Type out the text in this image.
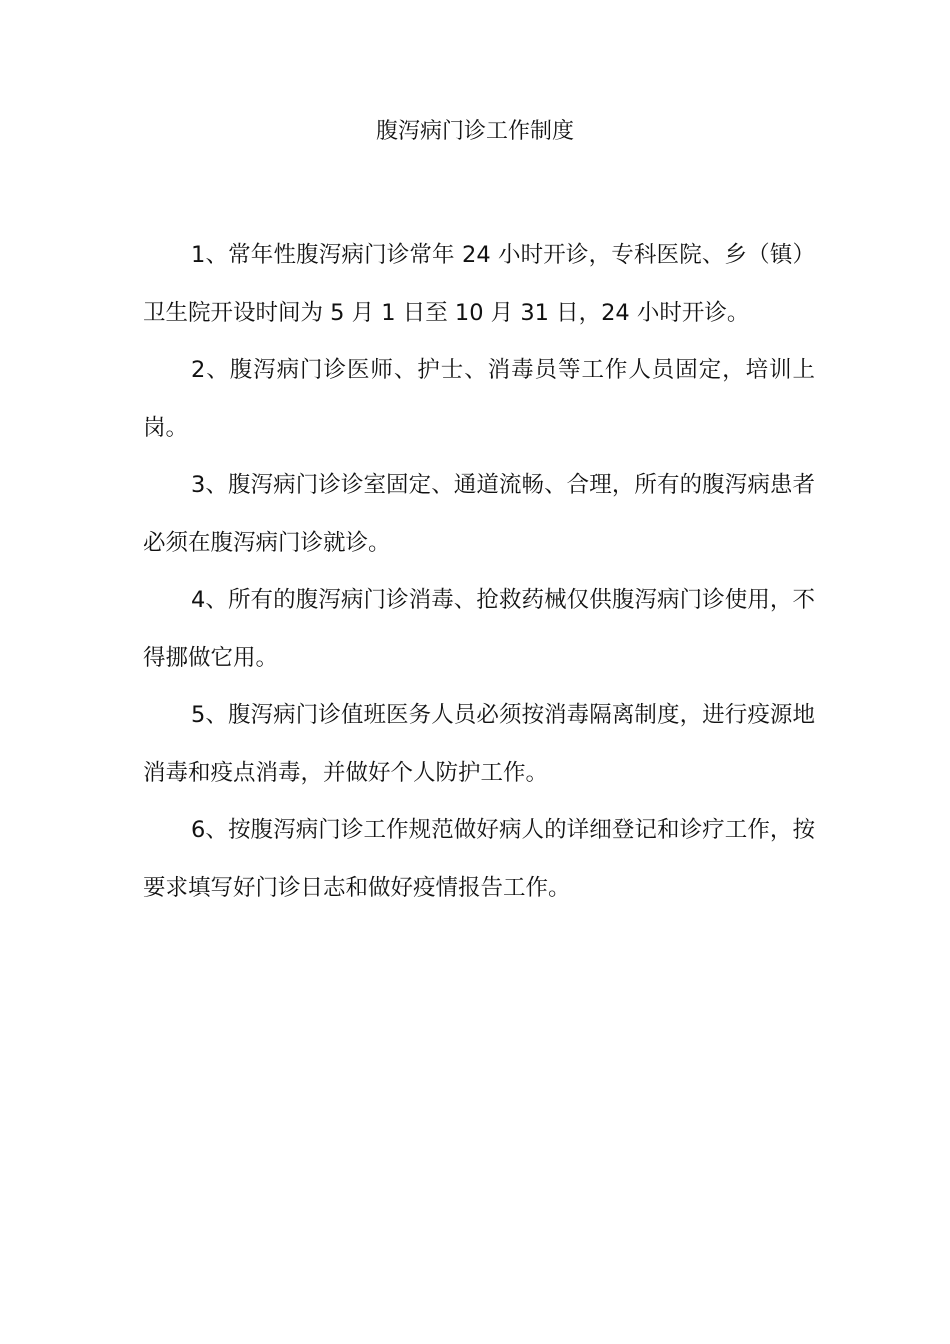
腹泻病门诊工作制度

1、常年性腹泻病门诊常年 24 小时开诊，专科医院、乡（镇）卫生院开设时间为 5 月 1 日至 10 月 31 日，24 小时开诊。

2、腹泻病门诊医师、护士、消毒员等工作人员固定，培训上岗。

3、腹泻病门诊诊室固定、通道流畅、合理，所有的腹泻病患者必须在腹泻病门诊就诊。

4、所有的腹泻病门诊消毒、抢救药械仅供腹泻病门诊使用，不得挪做它用。

5、腹泻病门诊值班医务人员必须按消毒隔离制度，进行疫源地消毒和疫点消毒，并做好个人防护工作。

6、按腹泻病门诊工作规范做好病人的详细登记和诊疗工作，按要求填写好门诊日志和做好疫情报告工作。
